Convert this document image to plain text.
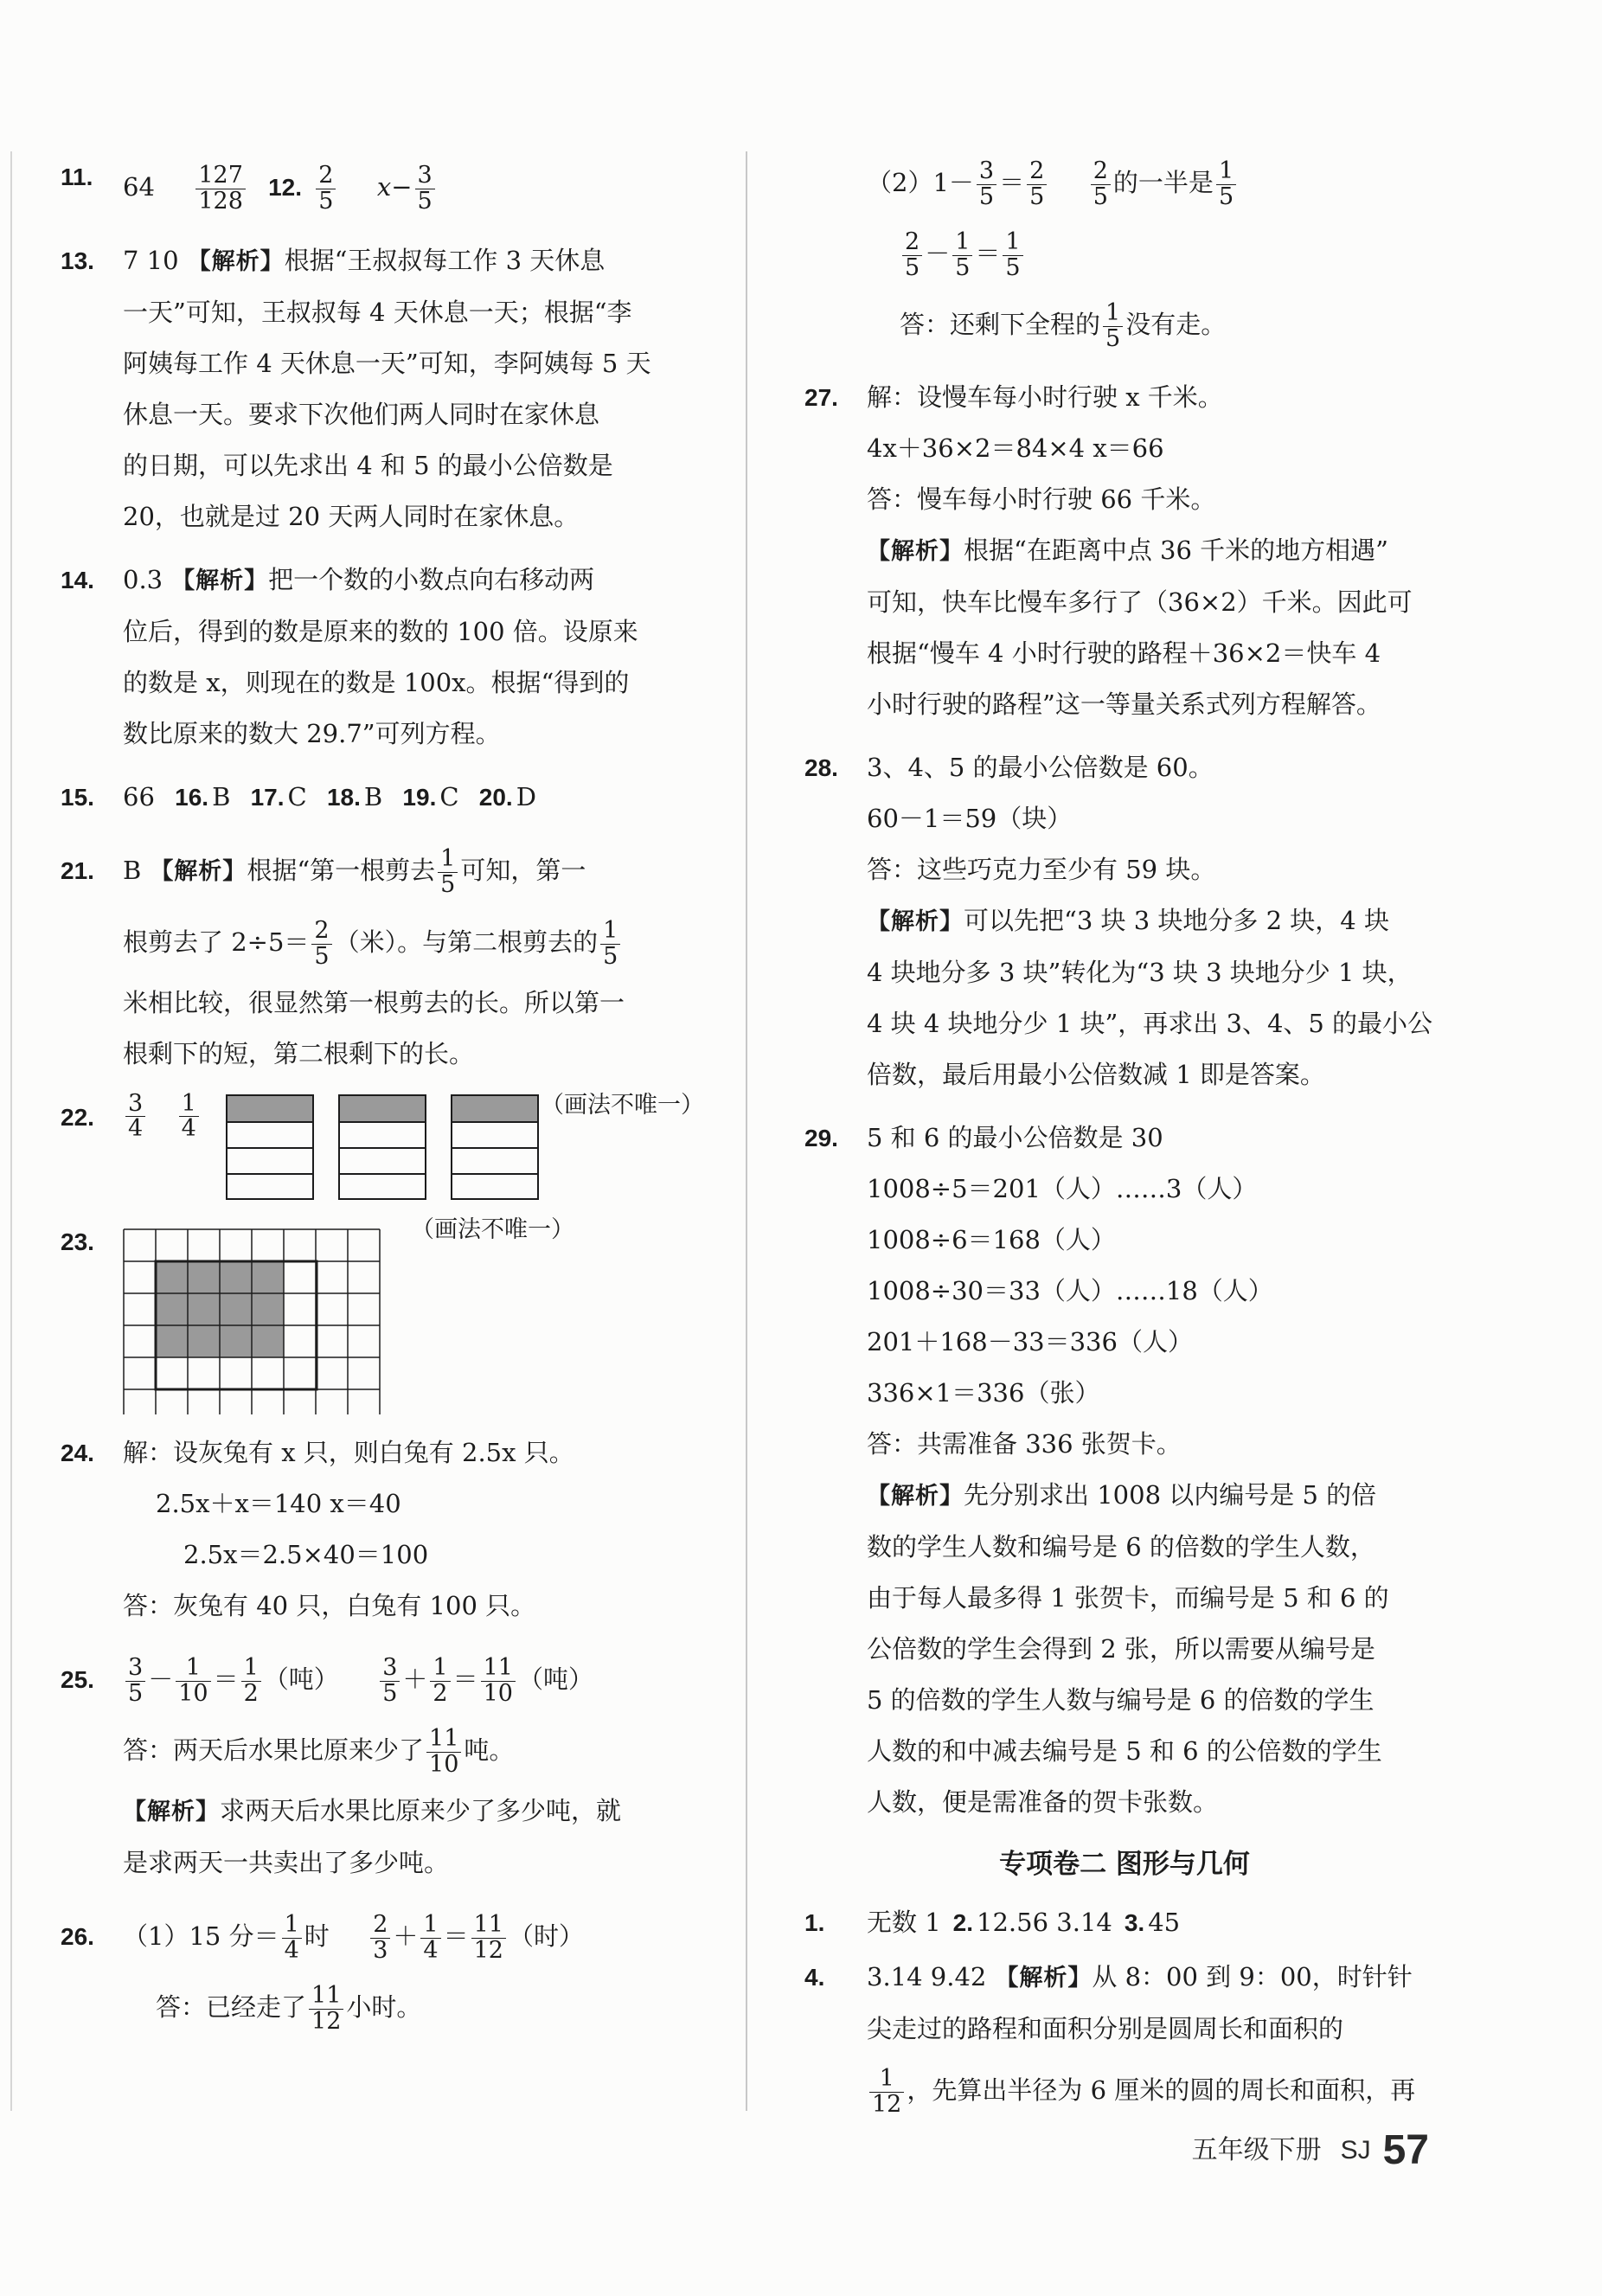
11.	$64 \frac{127}{128} 12$. $\frac{2}{5} x- \frac{3}{5}$
13.	7 10 【解析】根据“王叔叔每工作 3 天休息
一天”可知，王叔叔每 4 天休息一天；根据“李
阿姨每工作 4 天休息一天”可知，李阿姨每 5 天
休息一天。要求下次他们两人同时在家休息
的日期，可以先求出 4 和 5 的最小公倍数是
20，也就是过 20 天两人同时在家休息。
14.	0.3 【解析】把一个数的小数点向右移动两
位后，得到的数是原来的数的 100 倍。设原来
的数是 x，则现在的数是 100x。根据“得到的
数比原来的数大 29.7”可列方程。
15.	66 16. B 17. C 18. B 19. C 20. D
21.	B 【解析】根据“第一根剪去 $\frac{1}{5}$ 可知，第一
根剪去了 $2\div 5= \frac{2}{5}$ （米）。与第二根剪去的 $\frac{1}{5}$
米相比较，很显然第一根剪去的长。所以第一
根剩下的短，第二根剩下的长。
22.	$\frac{3}{4}$
$\frac{1}{4}$	（画法不唯一）
23.	（画法不唯一）
24.	解：设灰兔有 x 只，则白兔有 2.5x 只。
2.5x＋x＝140 x＝40
2.5x＝2.5×40＝100
答：灰兔有 40 只，白兔有 100 只。
25.	$\frac{3}{5} - \frac{1}{10} = \frac{1}{2}$ （吨） $\frac{3}{5} + \frac{1}{2} = \frac{11}{10}$ （吨）
答：两天后水果比原来少了 $\frac{11}{10}$ 吨。
【解析】求两天后水果比原来少了多少吨，就
是求两天一共卖出了多少吨。
26.	（1）15 分＝ $\frac{1}{4}$ 时 $\frac{2}{3} + \frac{1}{4} = \frac{11}{12}$ （时）
答：已经走了 $\frac{11}{12}$ 小时。
$(2)1- \frac{3}{5} = \frac{2}{5}$
$\frac{2}{5}$ 的一半是 $\frac{1}{5}$
$\frac{2}{5} - \frac{1}{5} = \frac{1}{5}$
答：还剩下全程的 $\frac{1}{5}$ 没有走。
27.	解：设慢车每小时行驶 x 千米。
4x＋36×2＝84×4 x＝66
答：慢车每小时行驶 66 千米。
【解析】根据“在距离中点 36 千米的地方相遇”
可知，快车比慢车多行了（36×2）千米。因此可
根据“慢车 4 小时行驶的路程＋36×2＝快车 4
小时行驶的路程”这一等量关系式列方程解答。
28.	3、4、5 的最小公倍数是 60。
60－1＝59（块）
答：这些巧克力至少有 59 块。
【解析】可以先把“3 块 3 块地分多 2 块，4 块
4 块地分多 3 块”转化为“3 块 3 块地分少 1 块，
4 块 4 块地分少 1 块”，再求出 3、4、5 的最小公
倍数，最后用最小公倍数减 1 即是答案。
29.	5 和 6 的最小公倍数是 30
1008÷5＝201（人）……3（人）
1008÷6＝168（人）
1008÷30＝33（人）……18（人）
201＋168－33＝336（人）
336×1＝336（张）
答：共需准备 336 张贺卡。
【解析】先分别求出 1008 以内编号是 5 的倍
数的学生人数和编号是 6 的倍数的学生人数，
由于每人最多得 1 张贺卡，而编号是 5 和 6 的
公倍数的学生会得到 2 张，所以需要从编号是
5 的倍数的学生人数与编号是 6 的倍数的学生
人数的和中减去编号是 5 和 6 的公倍数的学生
人数，便是需准备的贺卡张数。
专项卷二 图形与几何
1.	无数 1 2. 12.56 3.14 3. 45
4.	3.14 9.42 【解析】从 8：00 到 9：00，时针针
尖走过的路程和面积分别是圆周长和面积的
$\frac{1}{12}$ ，先算出半径为 6 厘米的圆的周长和面积，再
五年级下册 SJ 57
